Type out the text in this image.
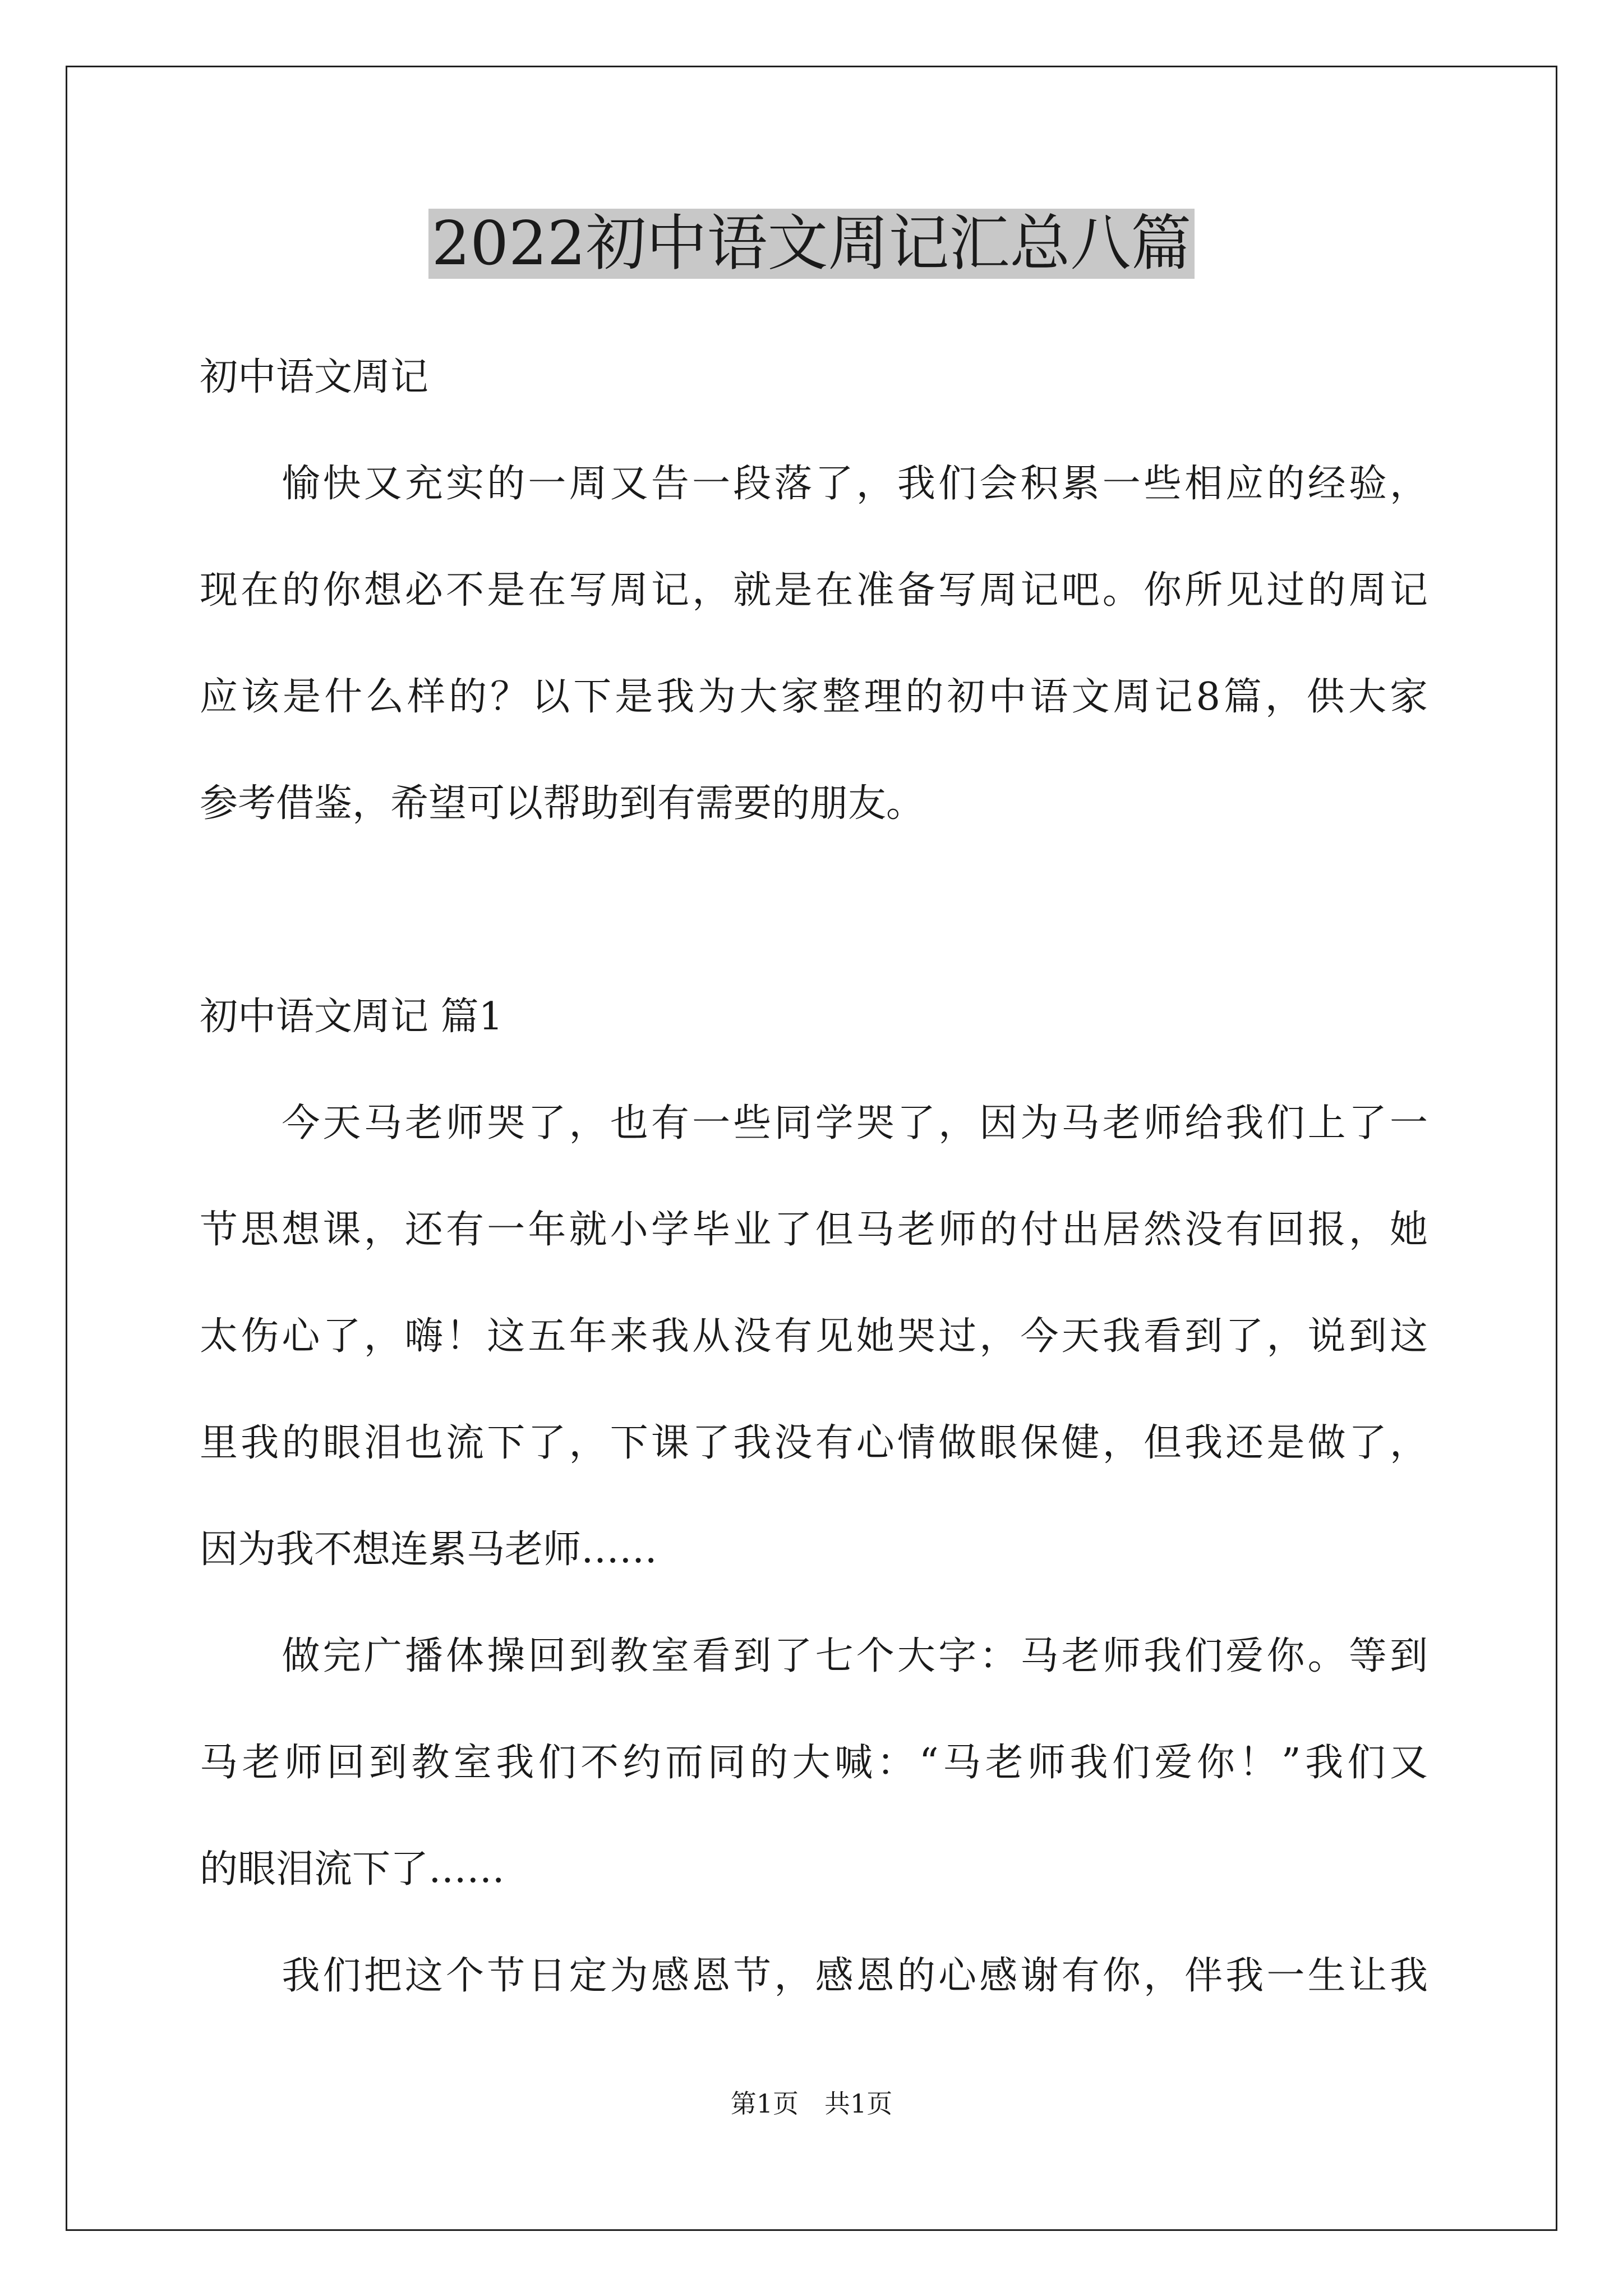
2022初中语文周记汇总八篇
初中语文周记
　　愉快又充实的一周又告一段落了，我们会积累一些相应的经验，
现在的你想必不是在写周记，就是在准备写周记吧。你所见过的周记
应该是什么样的？以下是我为大家整理的初中语文周记8篇，供大家
参考借鉴，希望可以帮助到有需要的朋友。
初中语文周记 篇1
　　今天马老师哭了，也有一些同学哭了，因为马老师给我们上了一
节思想课，还有一年就小学毕业了但马老师的付出居然没有回报，她
太伤心了，嗨！这五年来我从没有见她哭过，今天我看到了，说到这
里我的眼泪也流下了，下课了我没有心情做眼保健，但我还是做了，
因为我不想连累马老师……
　　做完广播体操回到教室看到了七个大字：马老师我们爱你。等到
马老师回到教室我们不约而同的大喊：“马老师我们爱你！”我们又
的眼泪流下了……
　　我们把这个节日定为感恩节，感恩的心感谢有你，伴我一生让我
第1页　共1页
